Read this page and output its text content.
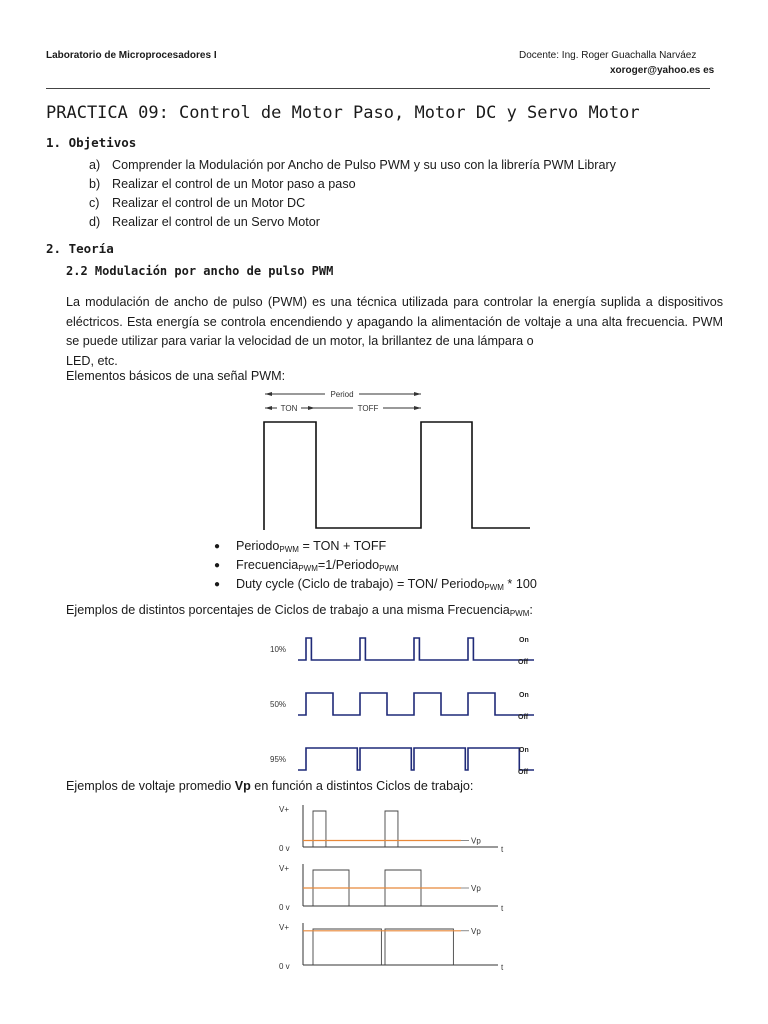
Laboratorio de Microprocesadores I	Docente: Ing. Roger Guachalla Narváez
xoroger@yahoo.es es
PRACTICA 09: Control de Motor Paso, Motor DC y Servo Motor
1. Objetivos
a) Comprender la Modulación por Ancho de Pulso PWM y su uso con la librería PWM Library
b) Realizar el control de un Motor paso a paso
c) Realizar el control de un Motor DC
d) Realizar el control de un Servo Motor
2. Teoría
2.2 Modulación por ancho de pulso PWM
La modulación de ancho de pulso (PWM) es una técnica utilizada para controlar la energía suplida a dispositivos eléctricos. Esta energía se controla encendiendo y apagando la alimentación de voltaje a una alta frecuencia. PWM se puede utilizar para variar la velocidad de un motor, la brillantez de una lámpara o
LED, etc.
Elementos básicos de una señal PWM:
Period
TON	TOFF
● Periodo$_{PWM}$ = TON + TOFF
● Frecuencia$_{PWM}$=1/Periodo$_{PWM}$
● Duty cycle (Ciclo de trabajo) = TON/ Periodo$_{PWM}$ * 100
Ejemplos de distintos porcentajes de Ciclos de trabajo a una misma Frecuencia$_{PWM}$:
10%
On
Off
50%
On
Off
95%
On
Off
Ejemplos de voltaje promedio Vp en función a distintos Ciclos de trabajo:
V+
0 v	t
Vp
V+
0 v	t
Vp
V+
0 v	t
Vp
